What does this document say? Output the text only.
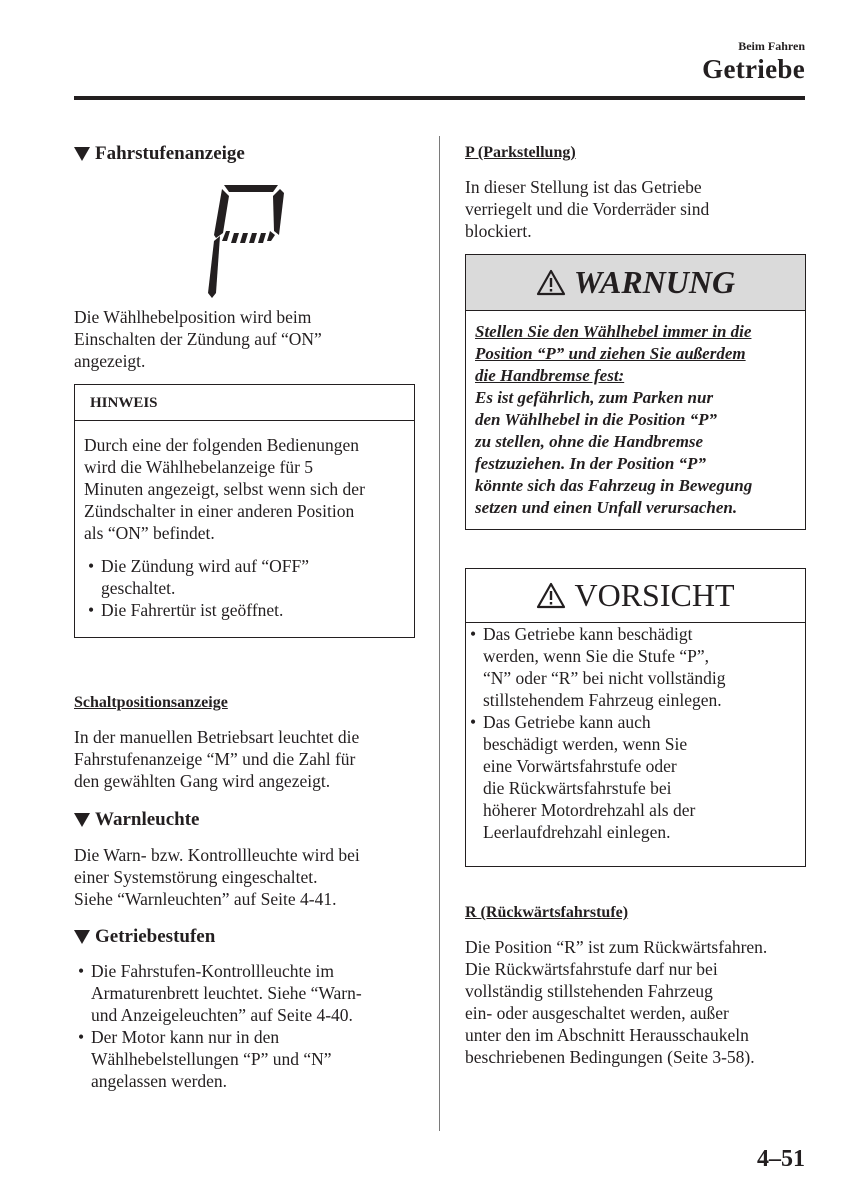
Beim Fahren
Getriebe
Fahrstufenanzeige
Die Wählhebelposition wird beim
Einschalten der Zündung auf “ON”
angezeigt.
HINWEIS
Durch eine der folgenden Bedienungen
wird die Wählhebelanzeige für 5
Minuten angezeigt, selbst wenn sich der
Zündschalter in einer anderen Position
als “ON” befindet.
• Die Zündung wird auf “OFF”
geschaltet.
• Die Fahrertür ist geöffnet.
Schaltpositionsanzeige
In der manuellen Betriebsart leuchtet die
Fahrstufenanzeige “M” und die Zahl für
den gewählten Gang wird angezeigt.
Warnleuchte
Die Warn- bzw. Kontrollleuchte wird bei
einer Systemstörung eingeschaltet.
Siehe “Warnleuchten” auf Seite 4-41.
Getriebestufen
• Die Fahrstufen-Kontrollleuchte im
Armaturenbrett leuchtet. Siehe “Warn-
und Anzeigeleuchten” auf Seite 4-40.
• Der Motor kann nur in den
Wählhebelstellungen “P” und “N”
angelassen werden.
P (Parkstellung)
In dieser Stellung ist das Getriebe
verriegelt und die Vorderräder sind
blockiert.
WARNUNG
Stellen Sie den Wählhebel immer in die
Position “P” und ziehen Sie außerdem
die Handbremse fest:
Es ist gefährlich, zum Parken nur
den Wählhebel in die Position “P”
zu stellen, ohne die Handbremse
festzuziehen. In der Position “P”
könnte sich das Fahrzeug in Bewegung
setzen und einen Unfall verursachen.
VORSICHT
• Das Getriebe kann beschädigt
werden, wenn Sie die Stufe “P”,
“N” oder “R” bei nicht vollständig
stillstehendem Fahrzeug einlegen.
• Das Getriebe kann auch
beschädigt werden, wenn Sie
eine Vorwärtsfahrstufe oder
die Rückwärtsfahrstufe bei
höherer Motordrehzahl als der
Leerlaufdrehzahl einlegen.
R (Rückwärtsfahrstufe)
Die Position “R” ist zum Rückwärtsfahren.
Die Rückwärtsfahrstufe darf nur bei
vollständig stillstehenden Fahrzeug
ein- oder ausgeschaltet werden, außer
unter den im Abschnitt Herausschaukeln
beschriebenen Bedingungen (Seite 3-58).
4–51
